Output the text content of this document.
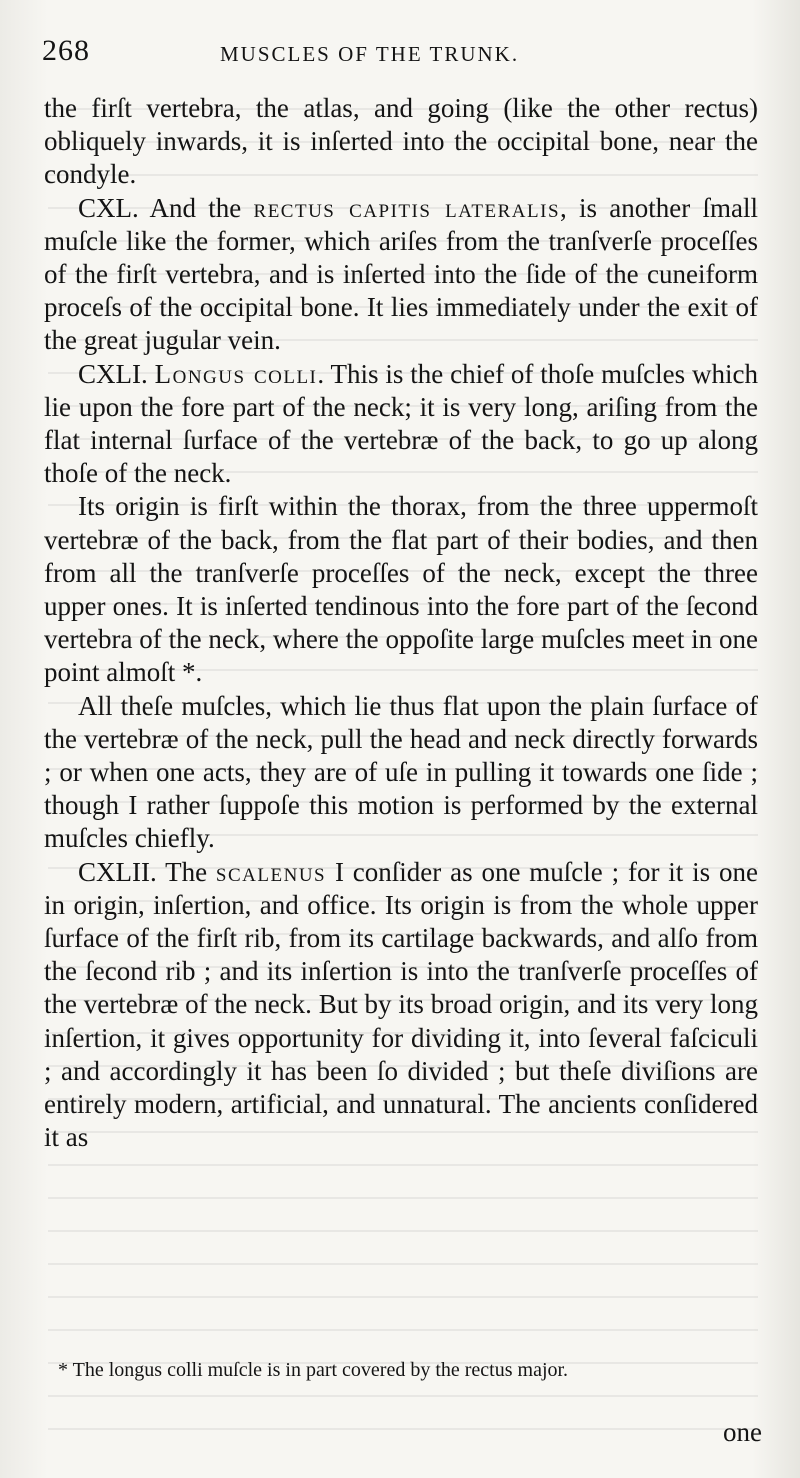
268	MUSCLES OF THE TRUNK.

the firſt vertebra, the atlas, and going (like the other rectus) obliquely inwards, it is inſerted into the occipital bone, near the condyle.

CXL. And the rectus capitis lateralis, is another ſmall muſcle like the former, which ariſes from the tranſverſe proceſſes of the firſt vertebra, and is inſerted into the ſide of the cuneiform proceſs of the occipital bone. It lies immediately under the exit of the great jugular vein.

CXLI. Longus colli. This is the chief of thoſe muſcles which lie upon the fore part of the neck; it is very long, ariſing from the flat internal ſurface of the vertebræ of the back, to go up along thoſe of the neck.

Its origin is firſt within the thorax, from the three uppermoſt vertebræ of the back, from the flat part of their bodies, and then from all the tranſverſe proceſſes of the neck, except the three upper ones. It is inſerted tendinous into the fore part of the ſecond vertebra of the neck, where the oppoſite large muſcles meet in one point almoſt *.

All theſe muſcles, which lie thus flat upon the plain ſurface of the vertebræ of the neck, pull the head and neck directly forwards ; or when one acts, they are of uſe in pulling it towards one ſide ; though I rather ſuppoſe this motion is performed by the external muſcles chiefly.

CXLII. The scalenus I conſider as one muſcle ; for it is one in origin, inſertion, and office. Its origin is from the whole upper ſurface of the firſt rib, from its cartilage backwards, and alſo from the ſecond rib ; and its inſertion is into the tranſverſe proceſſes of the vertebræ of the neck. But by its broad origin, and its very long inſertion, it gives opportunity for dividing it, into ſeveral faſciculi ; and accordingly it has been ſo divided ; but theſe diviſions are entirely modern, artificial, and unnatural. The ancients conſidered it as

* The longus colli muſcle is in part covered by the rectus major.
one
